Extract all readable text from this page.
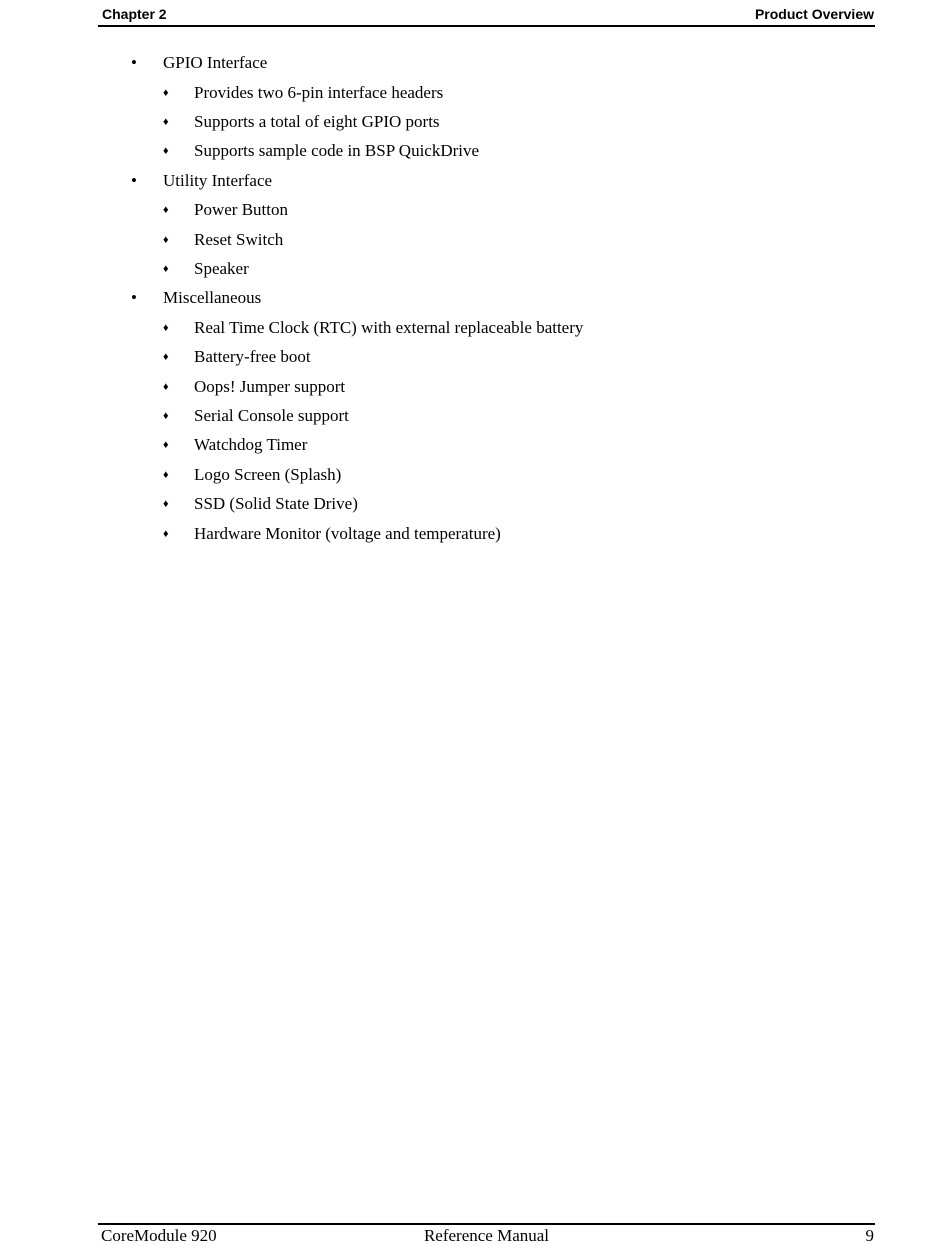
Chapter 2	Product Overview
• GPIO Interface
♦ Provides two 6-pin interface headers
♦ Supports a total of eight GPIO ports
♦ Supports sample code in BSP QuickDrive
• Utility Interface
♦ Power Button
♦ Reset Switch
♦ Speaker
• Miscellaneous
♦ Real Time Clock (RTC) with external replaceable battery
♦ Battery-free boot
♦ Oops! Jumper support
♦ Serial Console support
♦ Watchdog Timer
♦ Logo Screen (Splash)
♦ SSD (Solid State Drive)
♦ Hardware Monitor (voltage and temperature)
CoreModule 920	Reference Manual	9
